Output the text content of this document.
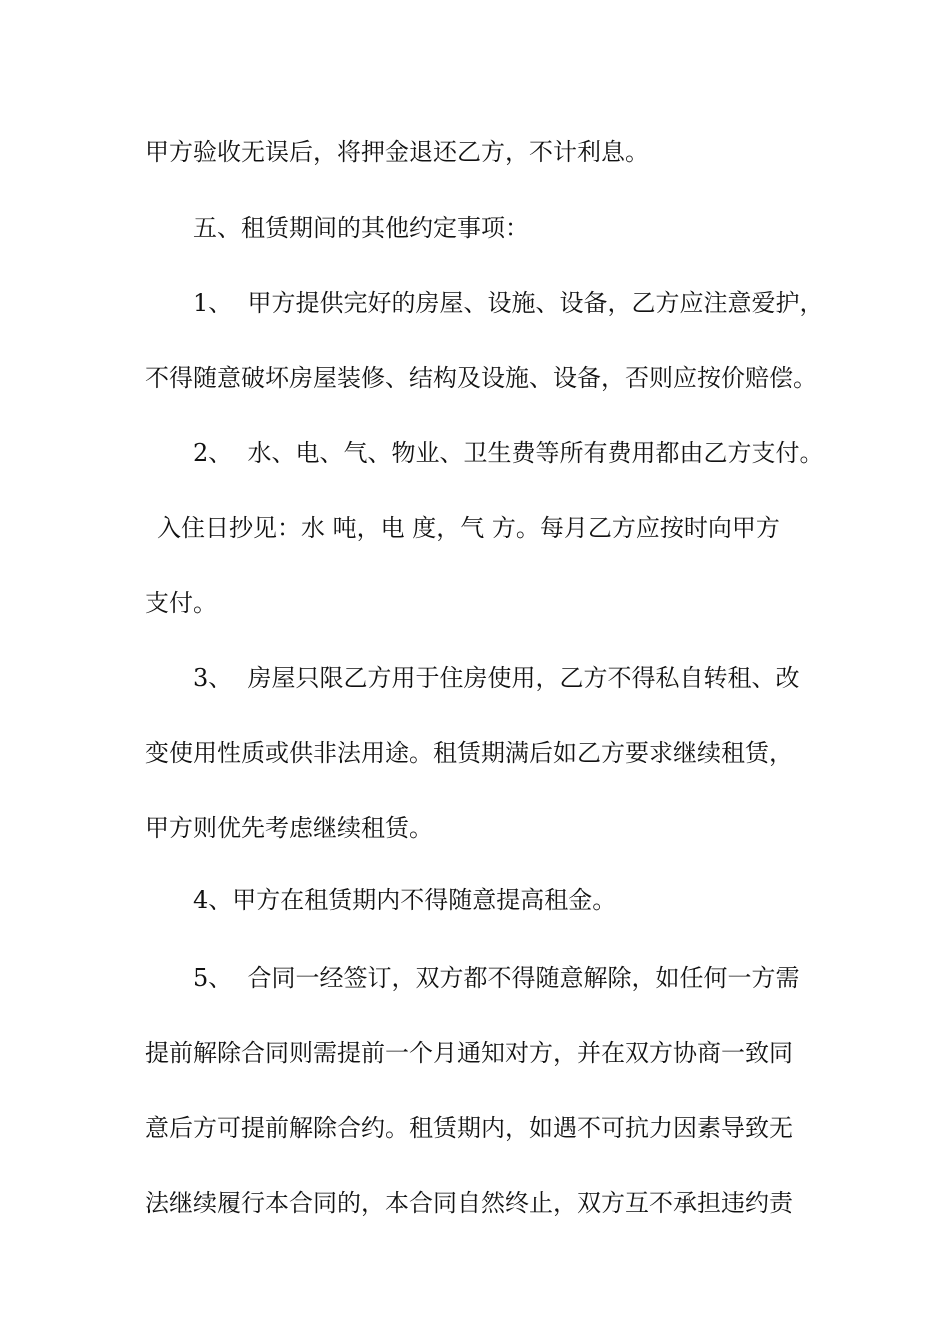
甲方验收无误后，将押金退还乙方，不计利息。
五、租赁期间的其他约定事项：
1、  甲方提供完好的房屋、设施、设备，乙方应注意爱护，
不得随意破坏房屋装修、结构及设施、设备，否则应按价赔偿。
2、  水、电、气、物业、卫生费等所有费用都由乙方支付。
入住日抄见：水 吨，电 度，气 方。每月乙方应按时向甲方
支付。
3、  房屋只限乙方用于住房使用，乙方不得私自转租、改
变使用性质或供非法用途。租赁期满后如乙方要求继续租赁，
甲方则优先考虑继续租赁。
4、甲方在租赁期内不得随意提高租金。
5、  合同一经签订，双方都不得随意解除，如任何一方需
提前解除合同则需提前一个月通知对方，并在双方协商一致同
意后方可提前解除合约。租赁期内，如遇不可抗力因素导致无
法继续履行本合同的，本合同自然终止，双方互不承担违约责
